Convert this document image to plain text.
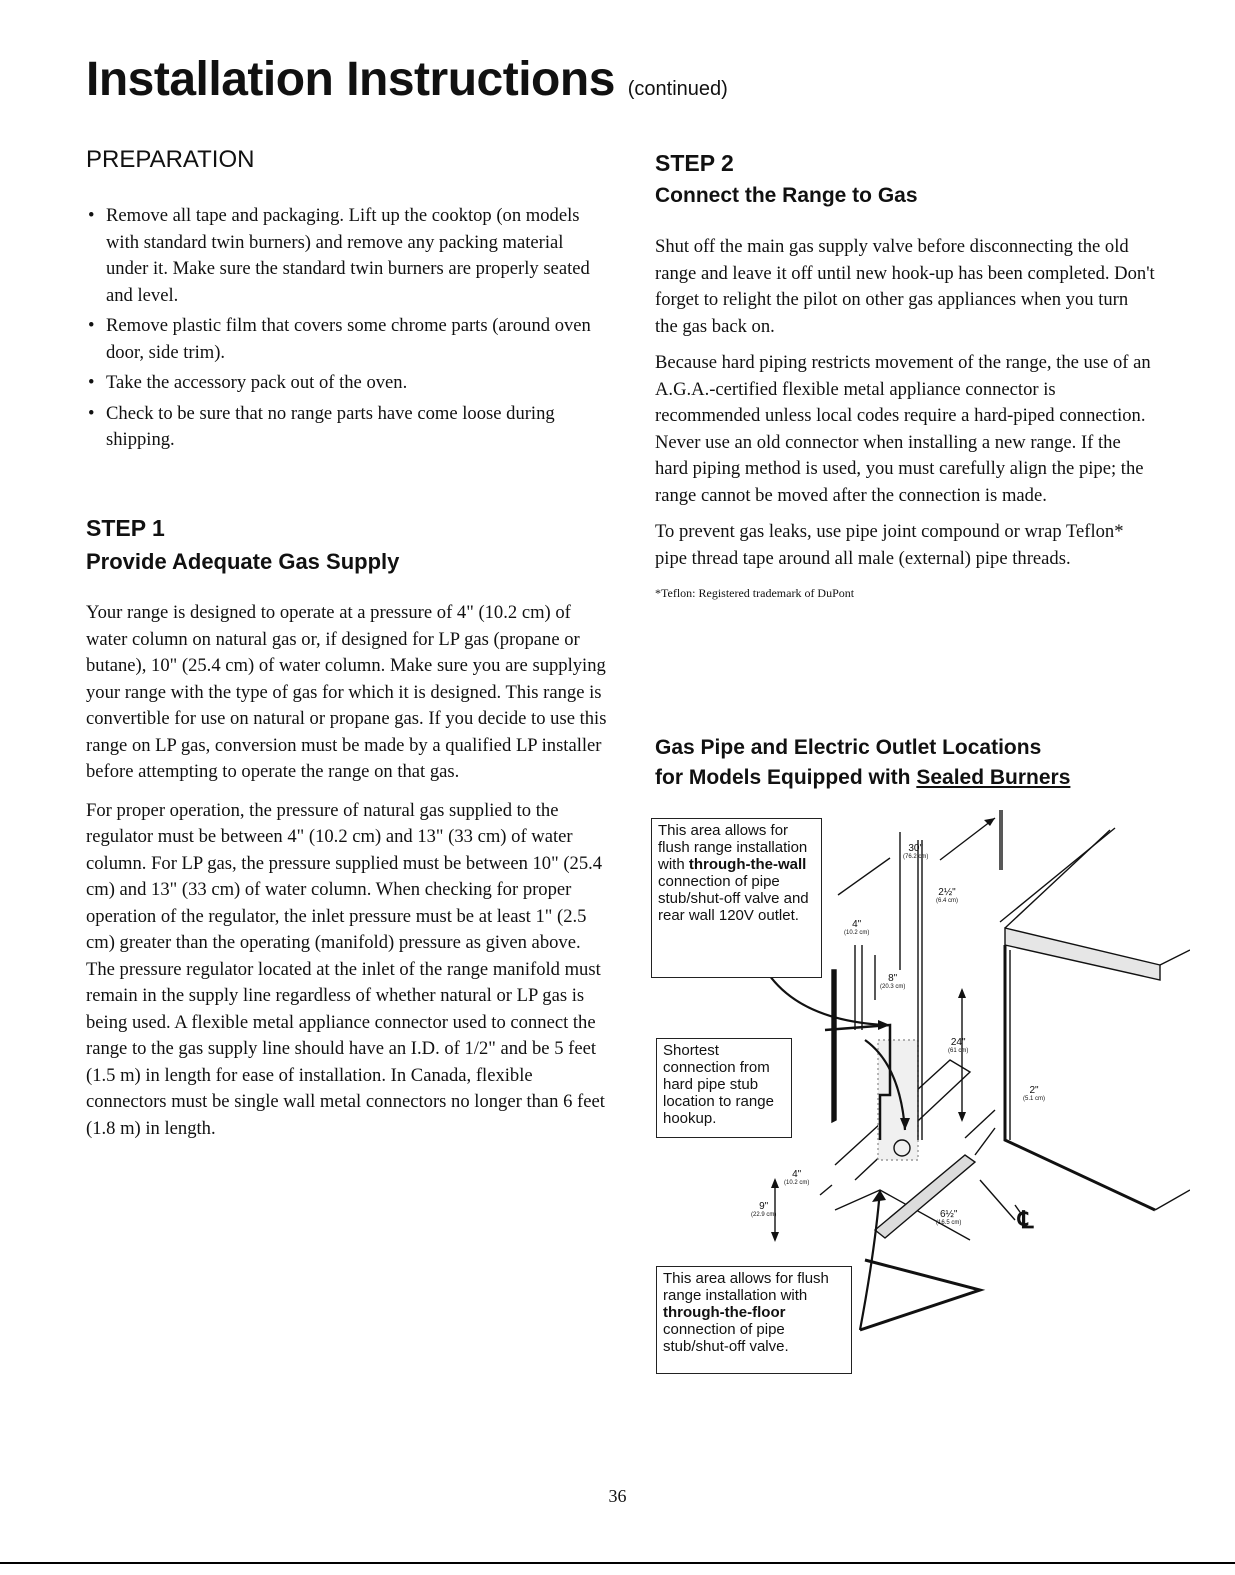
Installation Instructions (continued)
PREPARATION
• Remove all tape and packaging. Lift up the cooktop (on models with standard twin burners) and remove any packing material under it. Make sure the standard twin burners are properly seated and level.
• Remove plastic film that covers some chrome parts (around oven door, side trim).
• Take the accessory pack out of the oven.
• Check to be sure that no range parts have come loose during shipping.
STEP 1
Provide Adequate Gas Supply

Your range is designed to operate at a pressure of 4" (10.2 cm) of water column on natural gas or, if designed for LP gas (propane or butane), 10" (25.4 cm) of water column. Make sure you are supplying your range with the type of gas for which it is designed. This range is convertible for use on natural or propane gas. If you decide to use this range on LP gas, conversion must be made by a qualified LP installer before attempting to operate the range on that gas.

For proper operation, the pressure of natural gas supplied to the regulator must be between 4" (10.2 cm) and 13" (33 cm) of water column. For LP gas, the pressure supplied must be between 10" (25.4 cm) and 13" (33 cm) of water column. When checking for proper operation of the regulator, the inlet pressure must be at least 1" (2.5 cm) greater than the operating (manifold) pressure as given above. The pressure regulator located at the inlet of the range manifold must remain in the supply line regardless of whether natural or LP gas is being used. A flexible metal appliance connector used to connect the range to the gas supply line should have an I.D. of 1/2" and be 5 feet (1.5 m) in length for ease of installation. In Canada, flexible connectors must be single wall metal connectors no longer than 6 feet (1.8 m) in length.

STEP 2
Connect the Range to Gas

Shut off the main gas supply valve before disconnecting the old range and leave it off until new hook-up has been completed. Don't forget to relight the pilot on other gas appliances when you turn the gas back on.

Because hard piping restricts movement of the range, the use of an A.G.A.-certified flexible metal appliance connector is recommended unless local codes require a hard-piped connection. Never use an old connector when installing a new range. If the hard piping method is used, you must carefully align the pipe; the range cannot be moved after the connection is made.

To prevent gas leaks, use pipe joint compound or wrap Teflon* pipe thread tape around all male (external) pipe threads.

*Teflon: Registered trademark of DuPont

Gas Pipe and Electric Outlet Locations
for Models Equipped with Sealed Burners
This area allows for flush range installation with through-the-wall connection of pipe stub/shut-off valve and rear wall 120V outlet.
Shortest connection from hard pipe stub location to range hookup.
This area allows for flush range installation with through-the-floor connection of pipe stub/shut-off valve.
30"
(76.2 cm)
2½"
(6.4 cm)
4"
(10.2 cm)
8"
(20.3 cm)
24"
(61 cm)
2"
(5.1 cm)
4"
(10.2 cm)
9"
(22.9 cm)	6½"
(16.5 cm) ℄
36
